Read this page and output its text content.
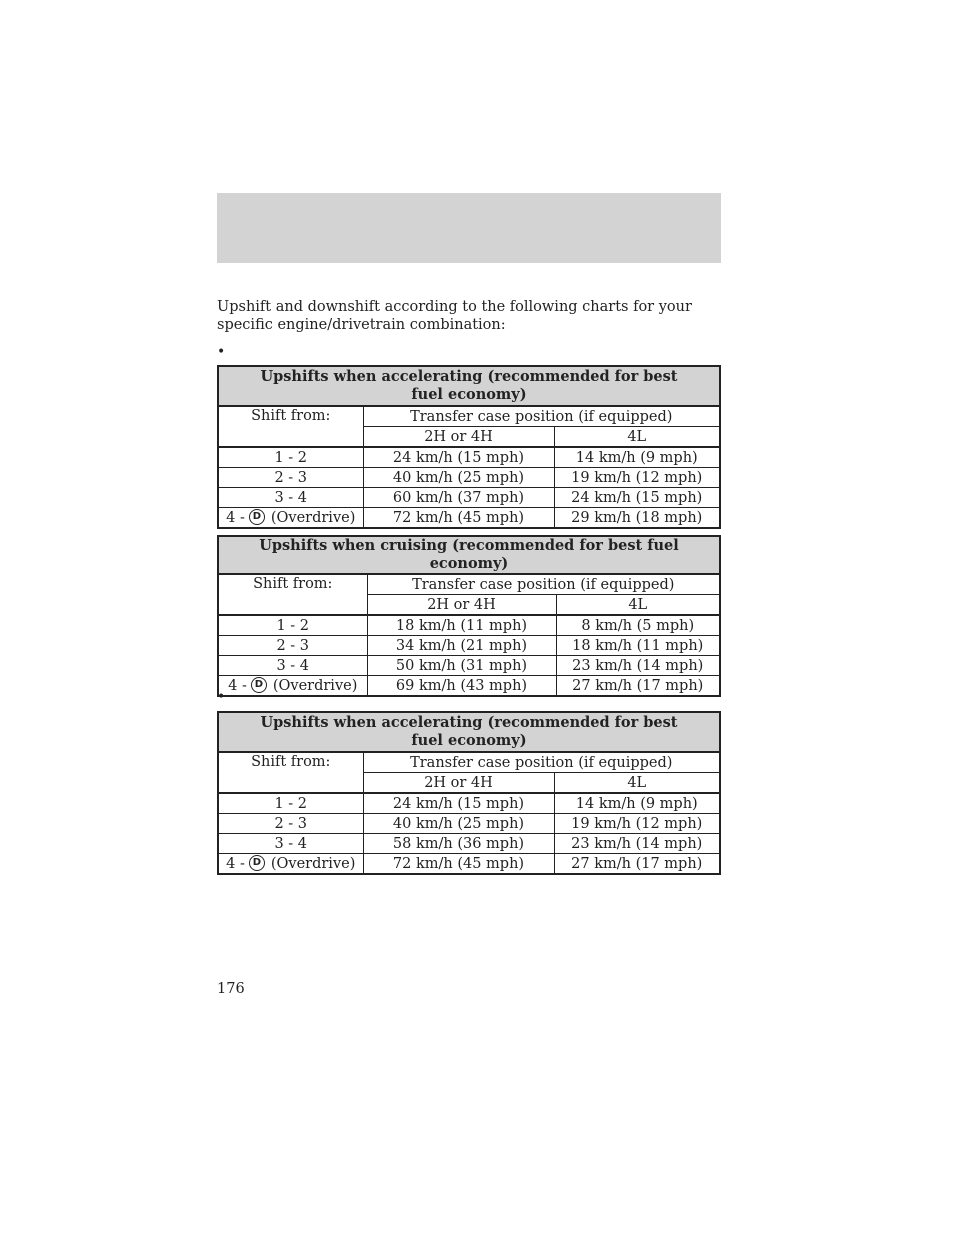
Upshift and downshift according to the following charts for your specific engine/drivetrain combination:
•
Upshifts when accelerating (recommended for best fuel economy)		
Shift from:	Transfer case position (if equipped)	
	2H or 4H	4L
1 - 2	24 km/h (15 mph)	14 km/h (9 mph)
2 - 3	40 km/h (25 mph)	19 km/h (12 mph)
3 - 4	60 km/h (37 mph)	24 km/h (15 mph)
4 - D (Overdrive)	72 km/h (45 mph)	29 km/h (18 mph)
Upshifts when cruising (recommended for best fuel economy)		
Shift from:	Transfer case position (if equipped)	
	2H or 4H	4L
1 - 2	18 km/h (11 mph)	8 km/h (5 mph)
2 - 3	34 km/h (21 mph)	18 km/h (11 mph)
3 - 4	50 km/h (31 mph)	23 km/h (14 mph)
4 - D (Overdrive)	69 km/h (43 mph)	27 km/h (17 mph)
•
Upshifts when accelerating (recommended for best fuel economy)		
Shift from:	Transfer case position (if equipped)	
	2H or 4H	4L
1 - 2	24 km/h (15 mph)	14 km/h (9 mph)
2 - 3	40 km/h (25 mph)	19 km/h (12 mph)
3 - 4	58 km/h (36 mph)	23 km/h (14 mph)
4 - D (Overdrive)	72 km/h (45 mph)	27 km/h (17 mph)
176
